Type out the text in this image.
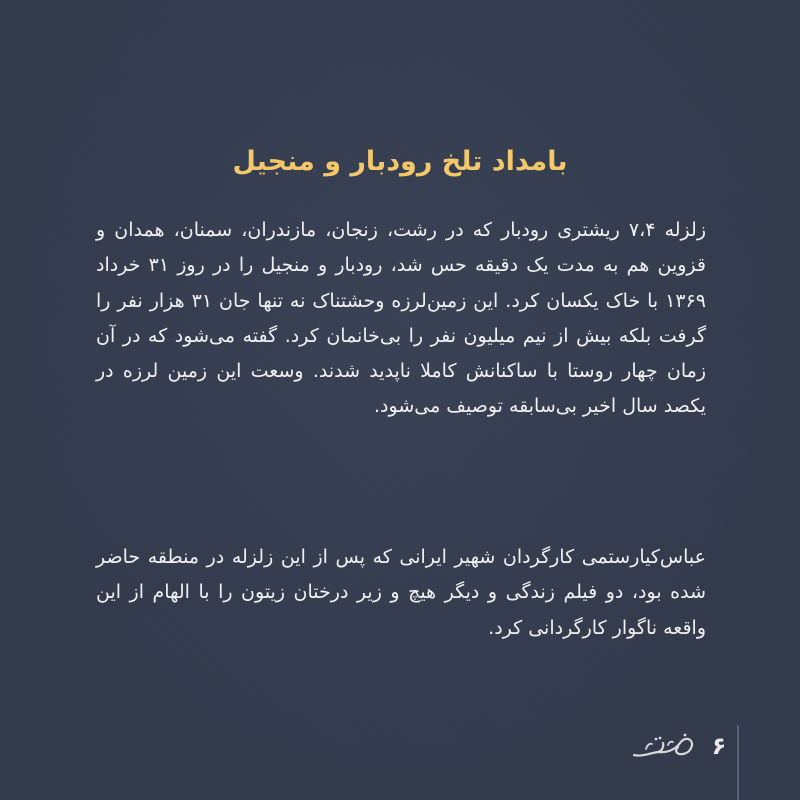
بامداد تلخ رودبار و منجیل

زلزله ۷،۴ ریشتری رودبار که در رشت، زنجان، مازندران، سمنان، همدان و قزوین هم به مدت یک دقیقه حس شد، رودبار و منجیل را در روز ۳۱ خرداد ۱۳۶۹ با خاک یکسان کرد. این زمین‌لرزه وحشتناک نه تنها جان ۳۱ هزار نفر را گرفت بلکه بیش از نیم میلیون نفر را بی‌خانمان کرد. گفته می‌شود که در آن زمان چهار روستا با ساکنانش کاملا ناپدید شدند. وسعت این زمین لرزه در یکصد سال اخیر بی‌سابقه توصیف می‌شود.

عباس‌کیارستمی کارگردان شهیر ایرانی که پس از این زلزله در منطقه حاضر شده بود، دو فیلم زندگی و دیگر هیچ و زیر درختان زیتون را با الهام از این واقعه ناگوار کارگردانی کرد.

۶
